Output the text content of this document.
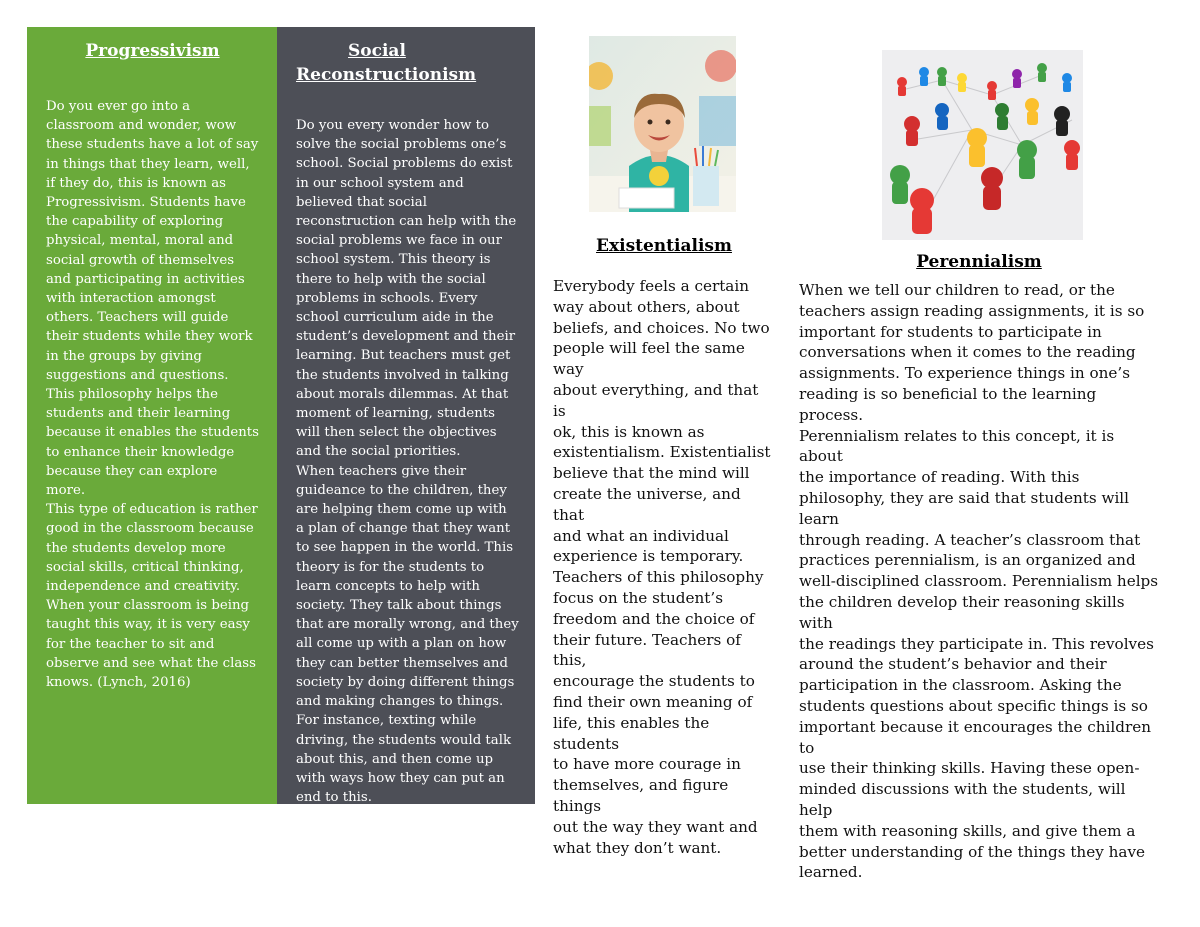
Progressivism
Do you ever go into a
classroom and wonder, wow
these students have a lot of say
in things that they learn, well,
if they do, this is known as
Progressivism. Students have
the capability of exploring
physical, mental, moral and
social growth of themselves
and participating in activities
with interaction amongst
others. Teachers will guide
their students while they work
in the groups by giving
suggestions and questions.
This philosophy helps the
students and their learning
because it enables the students
to enhance their knowledge
because they can explore more.
This type of education is rather
good in the classroom because
the students develop more
social skills, critical thinking,
independence and creativity.
When your classroom is being
taught this way, it is very easy
for the teacher to sit and
observe and see what the class
knows. (Lynch, 2016)
Social
Reconstructionism
Do you every wonder how to
solve the social problems one’s
school. Social problems do exist
in our school system and
believed that social
reconstruction can help with the
social problems we face in our
school system. This theory is
there to help with the social
problems in schools. Every
school curriculum aide in the
student’s development and their
learning. But teachers must get
the students involved in talking
about morals dilemmas. At that
moment of learning, students
will then select the objectives
and the social priorities.
When teachers give their
guideance to the children, they
are helping them come up with
a plan of change that they want
to see happen in the world. This
theory is for the students to
learn concepts to help with
society. They talk about things
that are morally wrong, and they
all come up with a plan on how
they can better themselves and
society by doing different things
and making changes to things.
For instance, texting while
driving, the students would talk
about this, and then come up
with ways how they can put an
end to this.
Existentialism
Everybody feels a certain
way about others, about
beliefs, and choices. No two
people will feel the same way
about everything, and that is
ok, this is known as
existentialism. Existentialist
believe that the mind will
create the universe, and that
and what an individual
experience is temporary.
Teachers of this philosophy
focus on the student’s
freedom and the choice of
their future. Teachers of this,
encourage the students to
find their own meaning of
life, this enables the students
to have more courage in
themselves, and figure things
out the way they want and
what they don’t want.
Perennialism
When we tell our children to read, or the
teachers assign reading assignments, it is so
important for students to participate in
conversations when it comes to the reading
assignments. To experience things in one’s
reading is so beneficial to the learning process.
Perennialism relates to this concept, it is about
the importance of reading. With this
philosophy, they are said that students will learn
through reading. A teacher’s classroom that
practices perennialism, is an organized and
well-disciplined classroom. Perennialism helps
the children develop their reasoning skills with
the readings they participate in. This revolves
around the student’s behavior and their
participation in the classroom. Asking the
students questions about specific things is so
important because it encourages the children to
use their thinking skills. Having these open-
minded discussions with the students, will help
them with reasoning skills, and give them a
better understanding of the things they have
learned.
